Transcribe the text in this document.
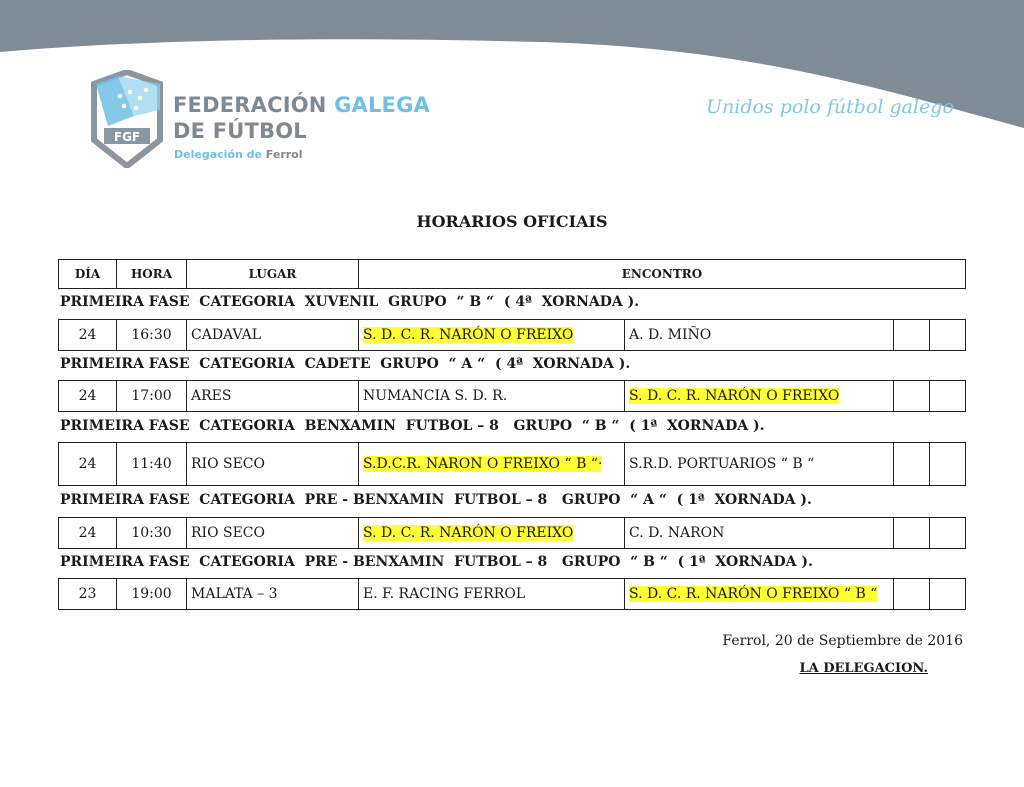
FGF
FEDERACIÓN GALEGA
DE FÚTBOL
Delegación de Ferrol
Unidos polo fútbol galego
HORARIOS OFICIAIS
DÍA	HORA	LUGAR	ENCONTRO
PRIMEIRA FASE  CATEGORIA  XUVENIL  GRUPO  “ B “  ( 4ª  XORNADA ).
24	16:30	CADAVAL	S. D. C. R. NARÓN O FREIXO	A. D. MIÑO		
PRIMEIRA FASE  CATEGORIA  CADETE  GRUPO  “ A “  ( 4ª  XORNADA ).
24	17:00	ARES	NUMANCIA S. D. R.	S. D. C. R. NARÓN O FREIXO		
PRIMEIRA FASE  CATEGORIA  BENXAMIN  FUTBOL – 8   GRUPO  “ B “  ( 1ª  XORNADA ).
24	11:40	RIO SECO	S.D.C.R. NARON O FREIXO “ B “·	S.R.D. PORTUARIOS “ B “		
PRIMEIRA FASE  CATEGORIA  PRE - BENXAMIN  FUTBOL – 8   GRUPO  “ A “  ( 1ª  XORNADA ).
24	10:30	RIO SECO	S. D. C. R. NARÓN O FREIXO	C. D. NARON		
PRIMEIRA FASE  CATEGORIA  PRE - BENXAMIN  FUTBOL – 8   GRUPO  “ B “  ( 1ª  XORNADA ).
23	19:00	MALATA – 3	E. F. RACING FERROL	S. D. C. R. NARÓN O FREIXO “ B “		
Ferrol, 20 de Septiembre de 2016
LA DELEGACION.
